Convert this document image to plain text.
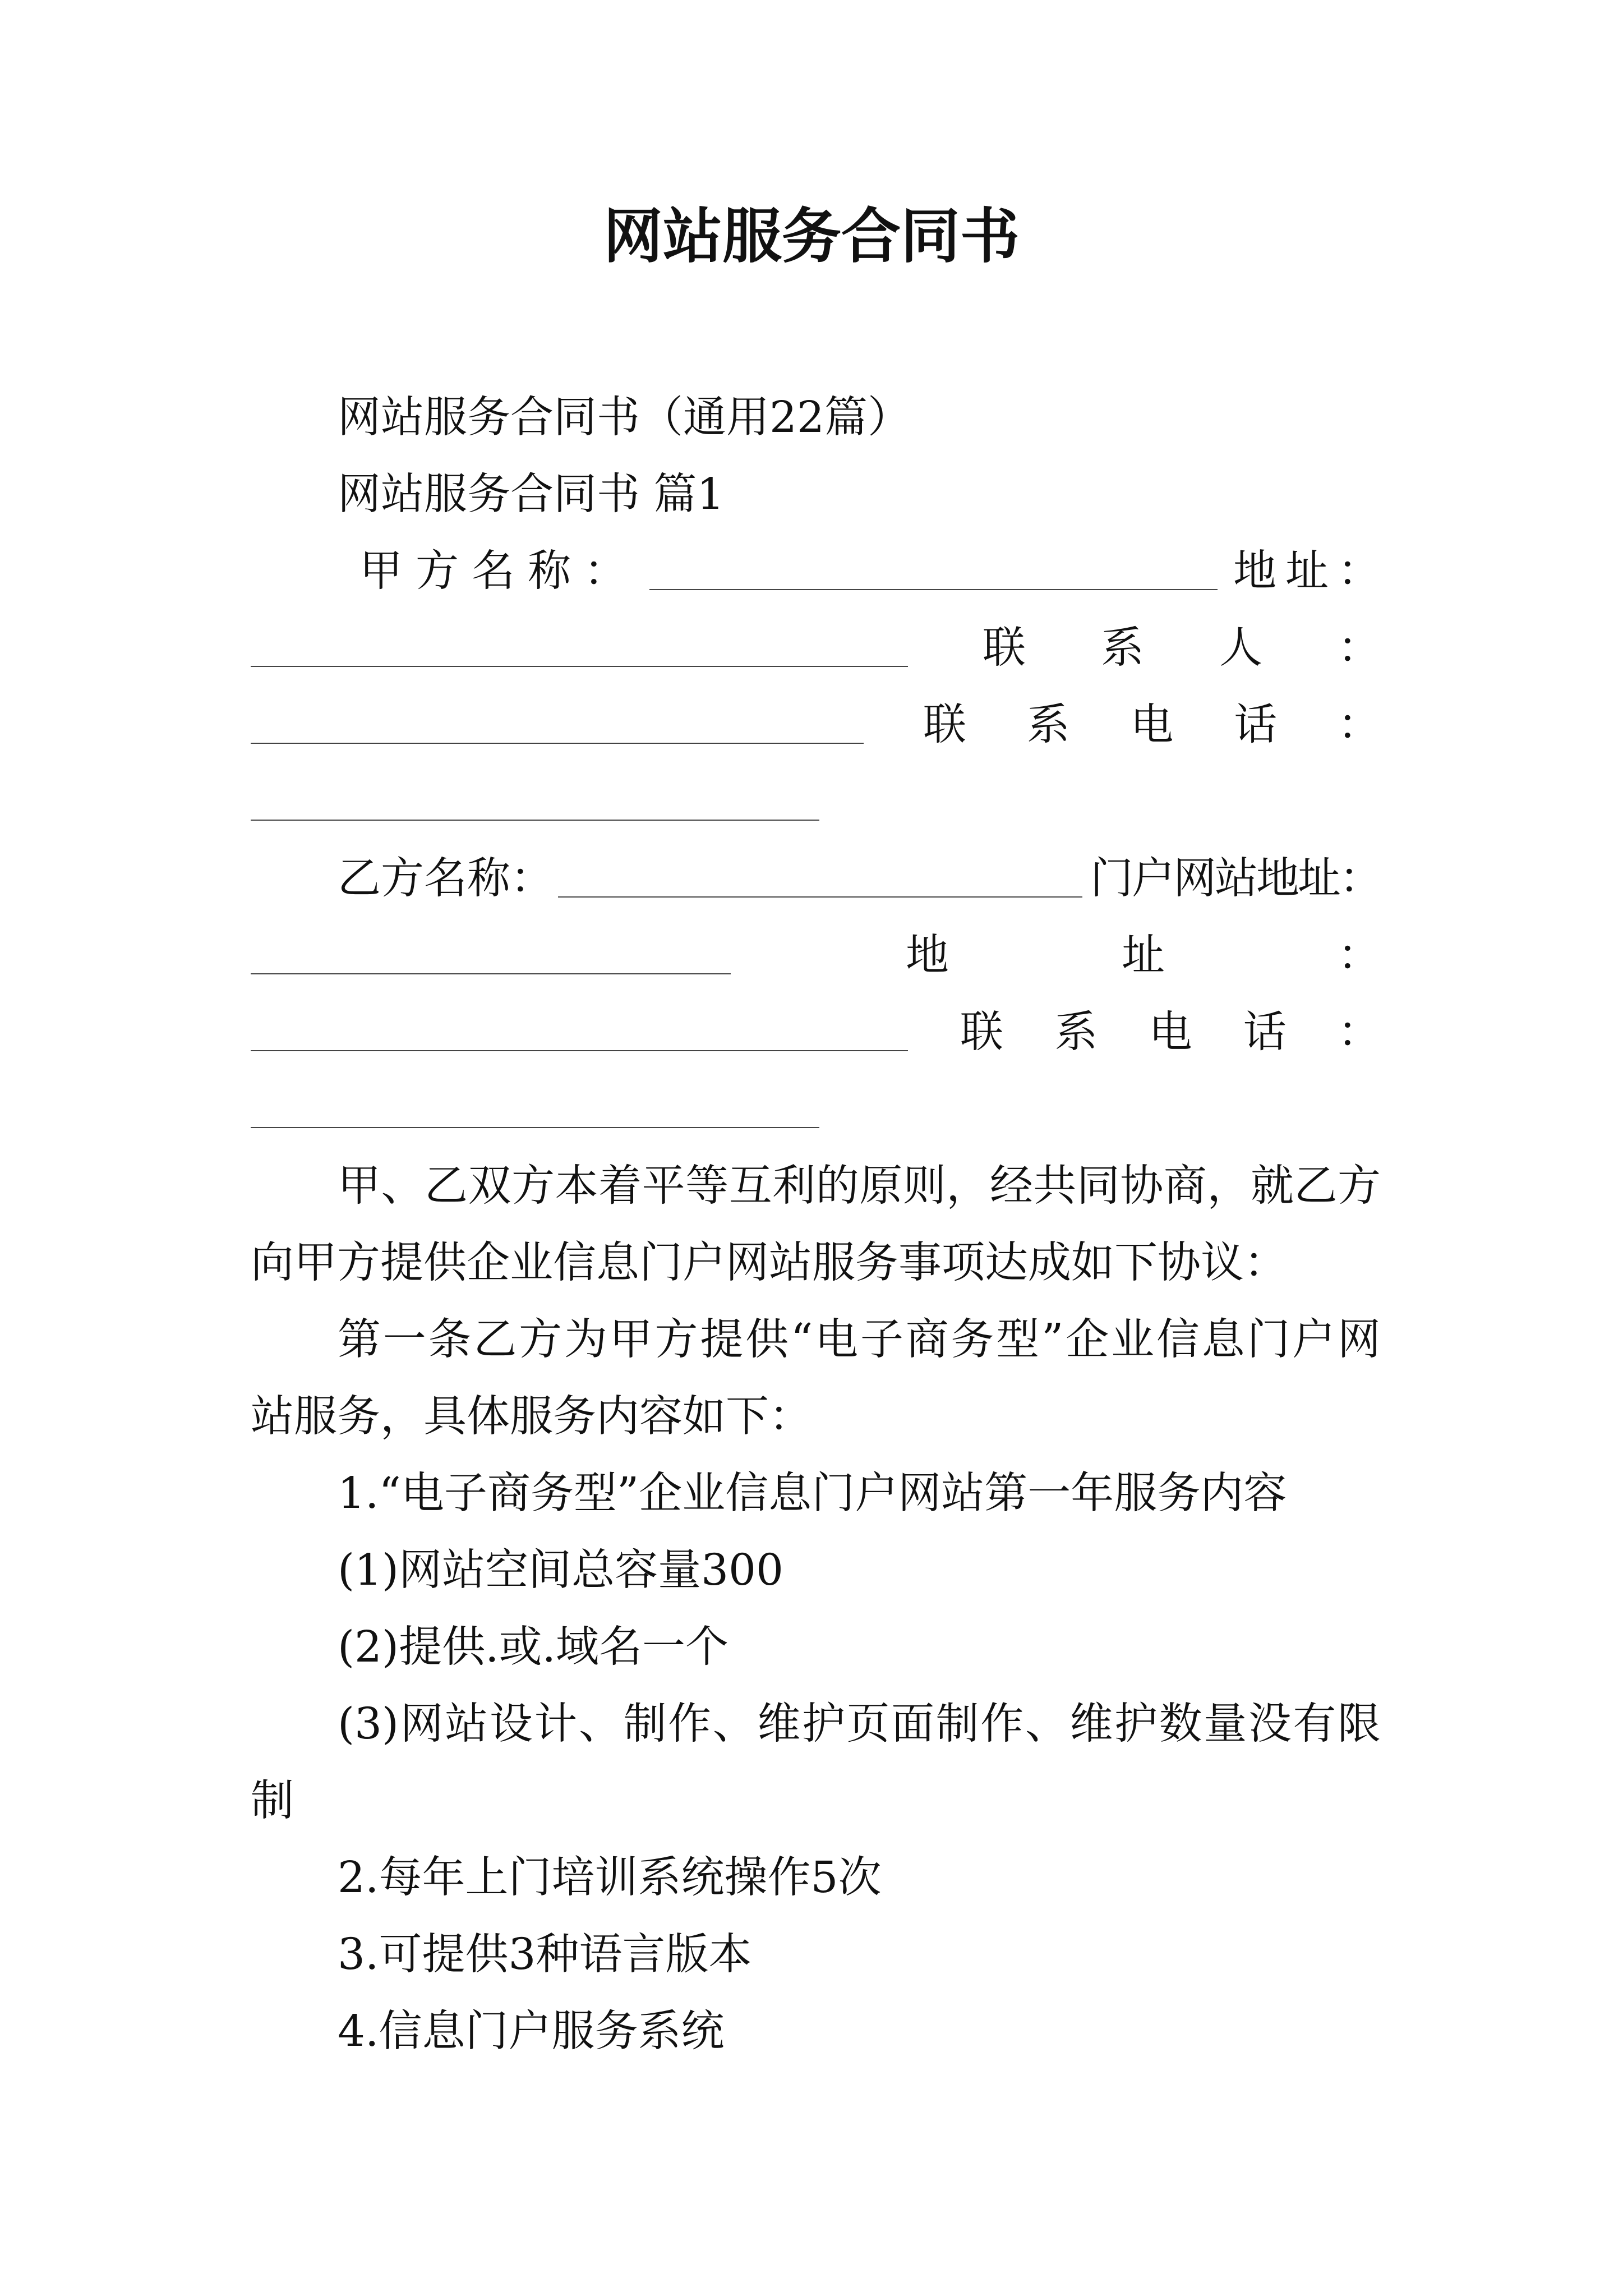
网站服务合同书
网站服务合同书（通用22篇）
网站服务合同书 篇1
甲方名称：	地址：
联系人：
联系电话：
乙方名称：	门户网站地址：
地址：
联系电话：
甲、乙双方本着平等互利的原则，经共同协商，就乙方
向甲方提供企业信息门户网站服务事项达成如下协议：
第一条乙方为甲方提供“电子商务型”企业信息门户网
站服务，具体服务内容如下：
1.“电子商务型”企业信息门户网站第一年服务内容
(1)网站空间总容量300
(2)提供.或.域名一个
(3)网站设计、制作、维护页面制作、维护数量没有限
制
2.每年上门培训系统操作5次
3.可提供3种语言版本
4.信息门户服务系统
